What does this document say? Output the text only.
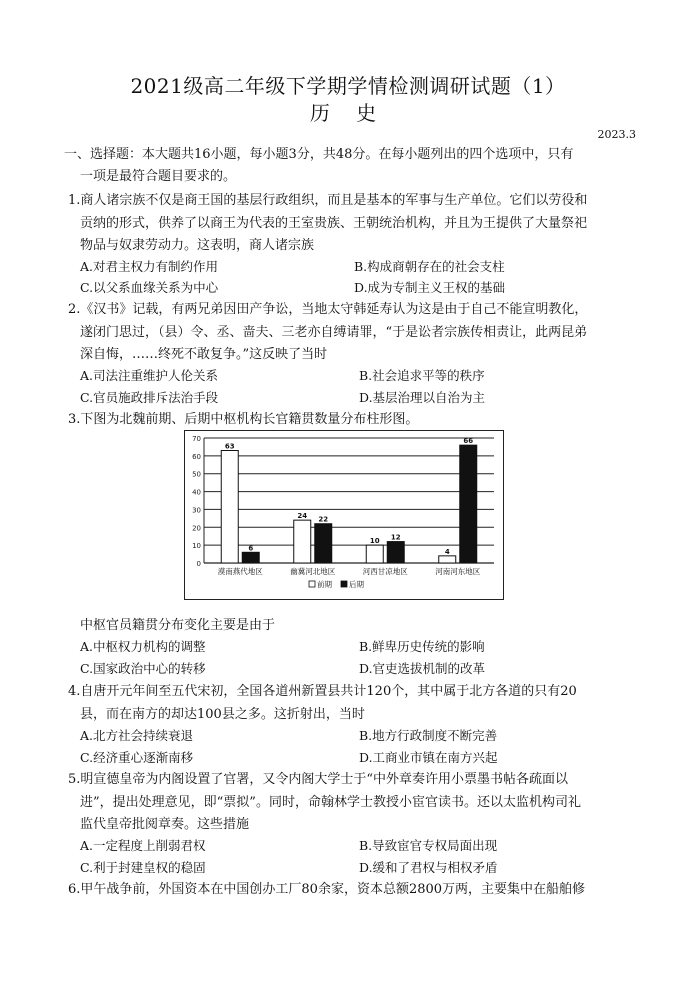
2021级高二年级下学期学情检测调研试题（1）
历 史
2023.3
一、选择题：本大题共16小题，每小题3分，共48分。在每小题列出的四个选项中，只有
一项是最符合题目要求的。
1.商人诸宗族不仅是商王国的基层行政组织，而且是基本的军事与生产单位。它们以劳役和
贡纳的形式，供养了以商王为代表的王室贵族、王朝统治机构，并且为王提供了大量祭祀
物品与奴隶劳动力。这表明，商人诸宗族
A.对君主权力有制约作用	B.构成商朝存在的社会支柱
C.以父系血缘关系为中心	D.成为专制主义王权的基础
2.《汉书》记载，有两兄弟因田产争讼，当地太守韩延寿认为这是由于自己不能宣明教化，
遂闭门思过，（县）令、丞、啬夫、三老亦自缚请罪，“于是讼者宗族传相责让，此两昆弟
深自悔，……终死不敢复争。”这反映了当时
A.司法注重维护人伦关系	B.社会追求平等的秩序
C.官员施政排斥法治手段	D.基层治理以自治为主
3.下图为北魏前期、后期中枢机构长官籍贯数量分布柱形图。
0
10
20
30
40
50
60
70
63
6
漠南燕代地区
24 22
幽冀河北地区
10 12
河西甘凉地区
4
66
河南河东地区
前期 后期
中枢官员籍贯分布变化主要是由于
A.中枢权力机构的调整	B.鲜卑历史传统的影响
C.国家政治中心的转移	D.官吏选拔机制的改革
4.自唐开元年间至五代宋初，全国各道州新置县共计120个，其中属于北方各道的只有20
县，而在南方的却达100县之多。这折射出，当时
A.北方社会持续衰退	B.地方行政制度不断完善
C.经济重心逐渐南移	D.工商业市镇在南方兴起
5.明宣德皇帝为内阁设置了官署，又令内阁大学士于“中外章奏许用小票墨书帖各疏面以
进”，提出处理意见，即“票拟”。同时，命翰林学士教授小宦官读书。还以太监机构司礼
监代皇帝批阅章奏。这些措施
A.一定程度上削弱君权	B.导致宦官专权局面出现
C.利于封建皇权的稳固	D.缓和了君权与相权矛盾
6.甲午战争前，外国资本在中国创办工厂80余家，资本总额2800万两，主要集中在船舶修
